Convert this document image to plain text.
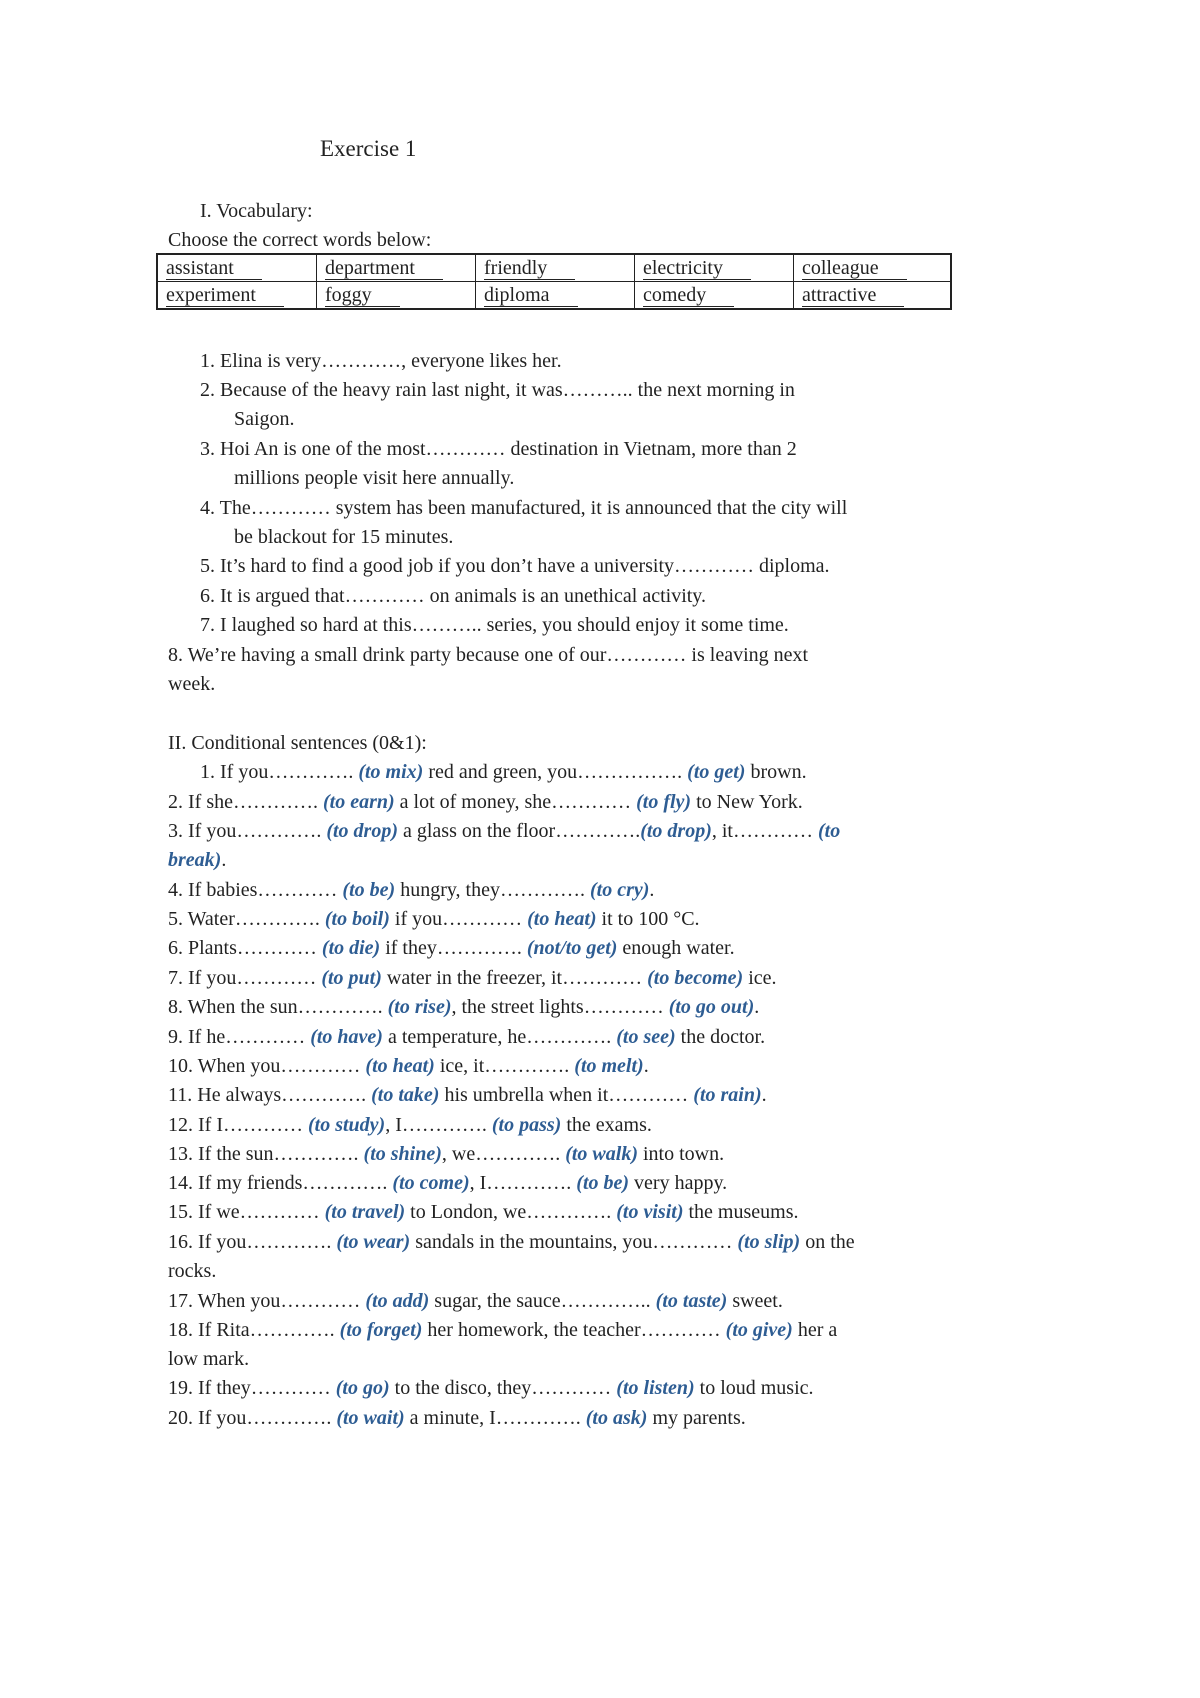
Exercise 1
I. Vocabulary:
Choose the correct words below:
assistant	department	friendly	electricity	colleague
experiment	foggy	diploma	comedy	attractive
1. Elina is very…………, everyone likes her.
2. Because of the heavy rain last night, it was……….. the next morning in
Saigon.
3. Hoi An is one of the most………… destination in Vietnam, more than 2
millions people visit here annually.
4. The………… system has been manufactured, it is announced that the city will
be blackout for 15 minutes.
5. It’s hard to find a good job if you don’t have a university………… diploma.
6. It is argued that………… on animals is an unethical activity.
7. I laughed so hard at this……….. series, you should enjoy it some time.
8. We’re having a small drink party because one of our………… is leaving next
week.
II. Conditional sentences (0&1):
1. If you…………. (to mix) red and green, you……………. (to get) brown.
2. If she…………. (to earn) a lot of money, she………… (to fly) to New York.
3. If you…………. (to drop) a glass on the floor………….(to drop), it………… (to
break).
4. If babies………… (to be) hungry, they…………. (to cry).
5. Water…………. (to boil) if you………… (to heat) it to 100 °C.
6. Plants………… (to die) if they…………. (not/to get) enough water.
7. If you………… (to put) water in the freezer, it………… (to become) ice.
8. When the sun…………. (to rise), the street lights………… (to go out).
9. If he………… (to have) a temperature, he…………. (to see) the doctor.
10. When you………… (to heat) ice, it…………. (to melt).
11. He always…………. (to take) his umbrella when it………… (to rain).
12. If I………… (to study), I…………. (to pass) the exams.
13. If the sun…………. (to shine), we…………. (to walk) into town.
14. If my friends…………. (to come), I…………. (to be) very happy.
15. If we………… (to travel) to London, we…………. (to visit) the museums.
16. If you…………. (to wear) sandals in the mountains, you………… (to slip) on the
rocks.
17. When you………… (to add) sugar, the sauce………….. (to taste) sweet.
18. If Rita…………. (to forget) her homework, the teacher………… (to give) her a
low mark.
19. If they………… (to go) to the disco, they………… (to listen) to loud music.
20. If you…………. (to wait) a minute, I…………. (to ask) my parents.
